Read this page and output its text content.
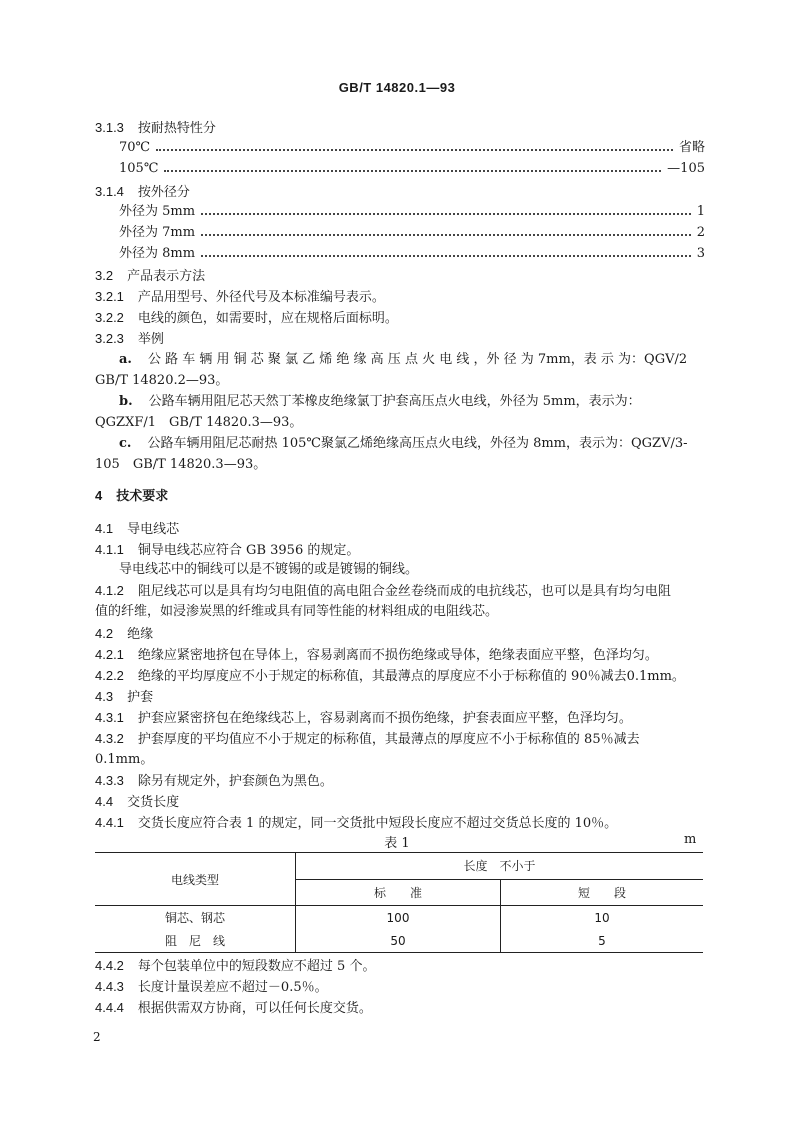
GB/T 14820.1—93
3.1.3 按耐热特性分
70℃	省略
105℃	—105
3.1.4 按外径分
外径为 5mm	1
外径为 7mm	2
外径为 8mm	3
3.2 产品表示方法
3.2.1 产品用型号、外径代号及本标准编号表示。
3.2.2 电线的颜色，如需要时，应在规格后面标明。
3.2.3 举例
a. 公 路 车 辆 用 铜 芯 聚 氯 乙 烯 绝 缘 高 压 点 火 电 线 ，外 径 为 7mm，表 示 为：QGV/2
GB/T 14820.2—93。
b. 公路车辆用阻尼芯天然丁苯橡皮绝缘氯丁护套高压点火电线，外径为 5mm，表示为：
QGZXF/1　GB/T 14820.3—93。
c. 公路车辆用阻尼芯耐热 105℃聚氯乙烯绝缘高压点火电线，外径为 8mm，表示为：QGZV/3-
105　GB/T 14820.3—93。
4 技术要求
4.1 导电线芯
4.1.1 铜导电线芯应符合 GB 3956 的规定。
导电线芯中的铜线可以是不镀锡的或是镀锡的铜线。
4.1.2 阻尼线芯可以是具有均匀电阻值的高电阻合金丝卷绕而成的电抗线芯，也可以是具有均匀电阻
值的纤维，如浸渗炭黑的纤维或具有同等性能的材料组成的电阻线芯。
4.2 绝缘
4.2.1 绝缘应紧密地挤包在导体上，容易剥离而不损伤绝缘或导体，绝缘表面应平整，色泽均匀。
4.2.2 绝缘的平均厚度应不小于规定的标称值，其最薄点的厚度应不小于标称值的 90％减去0.1mm。
4.3 护套
4.3.1 护套应紧密挤包在绝缘线芯上，容易剥离而不损伤绝缘，护套表面应平整，色泽均匀。
4.3.2 护套厚度的平均值应不小于规定的标称值，其最薄点的厚度应不小于标称值的 85％减去
0.1mm。
4.3.3 除另有规定外，护套颜色为黑色。
4.4 交货长度
4.4.1 交货长度应符合表 1 的规定，同一交货批中短段长度应不超过交货总长度的 10％。
表 1	m
电线类型	长度　不小于	
	标　　准	短　　段
铜芯、钢芯	100	10
阻　尼　线	50	5
4.4.2 每个包装单位中的短段数应不超过 5 个。
4.4.3 长度计量误差应不超过－0.5％。
4.4.4 根据供需双方协商，可以任何长度交货。
2
